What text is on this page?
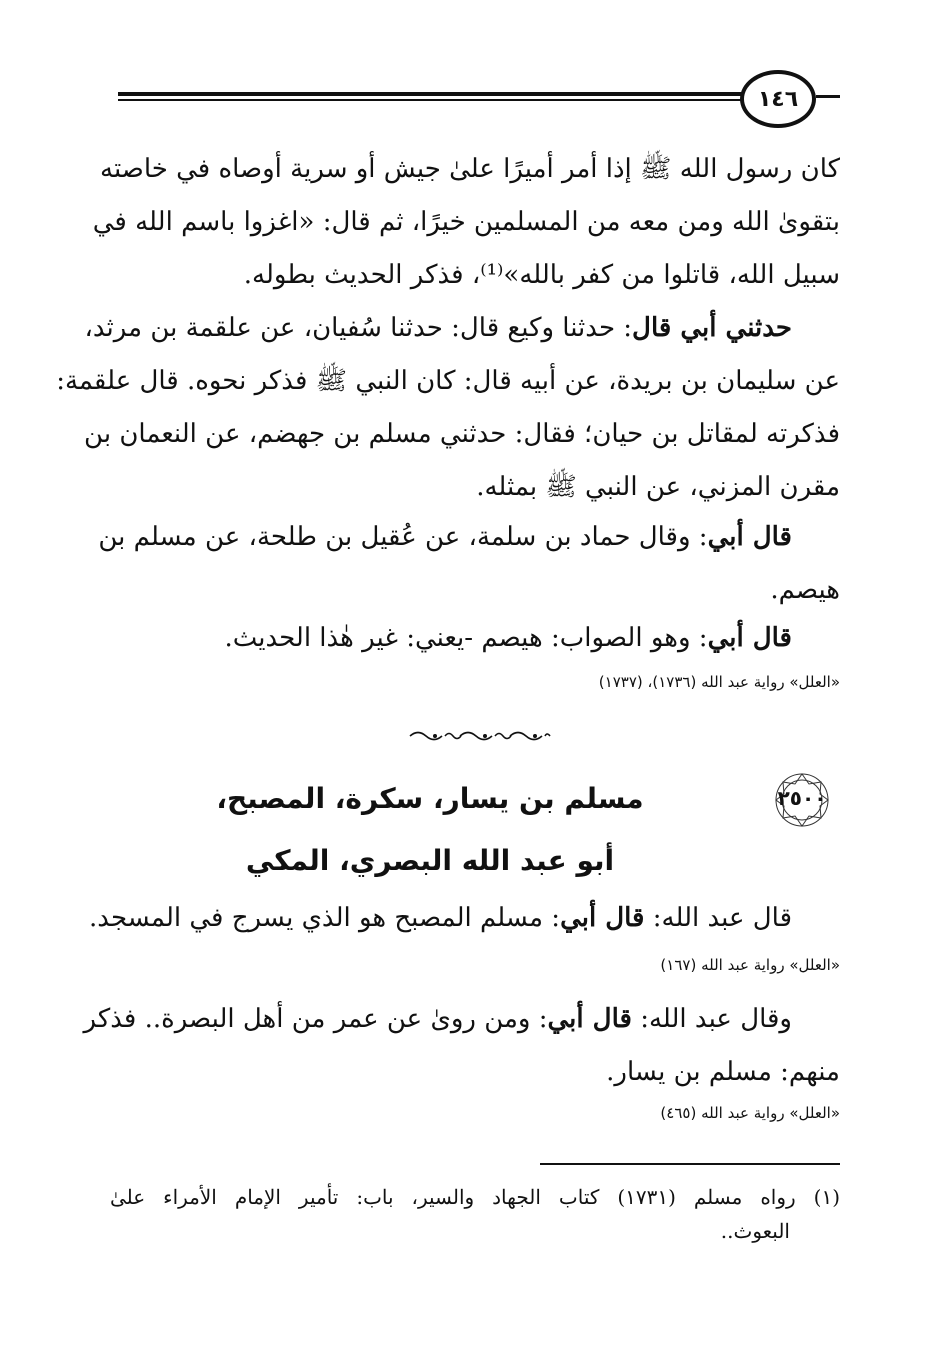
١٤٦
كان رسول الله ﷺ إذا أمر أميرًا علىٰ جيش أو سرية أوصاه في خاصته
بتقوىٰ الله ومن معه من المسلمين خيرًا، ثم قال: «اغزوا باسم الله في
سبيل الله، قاتلوا من كفر بالله»⁽¹⁾، فذكر الحديث بطوله.
حدثني أبي قال: حدثنا وكيع قال: حدثنا سُفيان، عن علقمة بن مرثد،
عن سليمان بن بريدة، عن أبيه قال: كان النبي ﷺ فذكر نحوه. قال علقمة:
فذكرته لمقاتل بن حيان؛ فقال: حدثني مسلم بن جهضم، عن النعمان بن
مقرن المزني، عن النبي ﷺ بمثله.
قال أبي: وقال حماد بن سلمة، عن عُقيل بن طلحة، عن مسلم بن
هيصم.
قال أبي: وهو الصواب: هيصم -يعني: غير هٰذا الحديث.
«العلل» رواية عبد الله (١٧٣٦)، (١٧٣٧)
٢٥٠٠
مسلم بن يسار، سكرة، المصبح،
أبو عبد الله البصري، المكي
قال عبد الله: قال أبي: مسلم المصبح هو الذي يسرج في المسجد.
«العلل» رواية عبد الله (١٦٧)
وقال عبد الله: قال أبي: ومن روىٰ عن عمر من أهل البصرة.. فذكر
منهم: مسلم بن يسار.
«العلل» رواية عبد الله (٤٦٥)
(١) رواه مسلم (١٧٣١) كتاب الجهاد والسير، باب: تأمير الإمام الأمراء علىٰ
البعوث..
